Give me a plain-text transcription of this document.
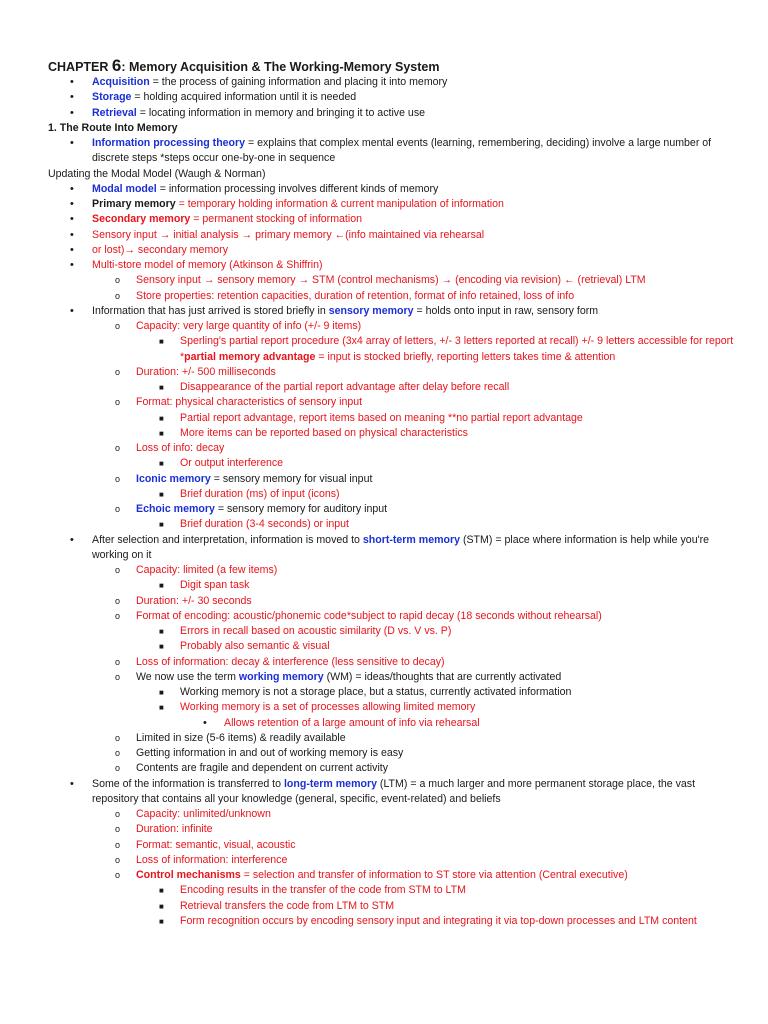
CHAPTER 6: Memory Acquisition & The Working-Memory System
• Acquisition = the process of gaining information and placing it into memory
• Storage = holding acquired information until it is needed
• Retrieval = locating information in memory and bringing it to active use
1. The Route Into Memory
• Information processing theory = explains that complex mental events (learning, remembering, deciding) involve a large number of discrete steps *steps occur one-by-one in sequence
Updating the Modal Model (Waugh & Norman)
• Modal model = information processing involves different kinds of memory
• Primary memory = temporary holding information & current manipulation of information
• Secondary memory = permanent stocking of information
• Sensory input → initial analysis → primary memory ←(info maintained via rehearsal
• or lost)→ secondary memory
• Multi-store model of memory (Atkinson & Shiffrin)
o Sensory input → sensory memory → STM (control mechanisms) → (encoding via revision) ← (retrieval) LTM
o Store properties: retention capacities, duration of retention, format of info retained, loss of info
• Information that has just arrived is stored briefly in sensory memory = holds onto input in raw, sensory form
o Capacity: very large quantity of info (+/- 9 items)
■ Sperling's partial report procedure (3x4 array of letters, +/- 3 letters reported at recall) +/- 9 letters accessible for report *partial memory advantage = input is stocked briefly, reporting letters takes time & attention
o Duration: +/- 500 milliseconds
■ Disappearance of the partial report advantage after delay before recall
o Format: physical characteristics of sensory input
■ Partial report advantage, report items based on meaning **no partial report advantage
■ More items can be reported based on physical characteristics
o Loss of info: decay
■ Or output interference
o Iconic memory = sensory memory for visual input
■ Brief duration (ms) of input (icons)
o Echoic memory = sensory memory for auditory input
■ Brief duration (3-4 seconds) or input
• After selection and interpretation, information is moved to short-term memory (STM) = place where information is help while you're working on it
o Capacity: limited (a few items)
■ Digit span task
o Duration: +/- 30 seconds
o Format of encoding: acoustic/phonemic code*subject to rapid decay (18 seconds without rehearsal)
■ Errors in recall based on acoustic similarity (D vs. V vs. P)
■ Probably also semantic & visual
o Loss of information: decay & interference (less sensitive to decay)
o We now use the term working memory (WM) = ideas/thoughts that are currently activated
■ Working memory is not a storage place, but a status, currently activated information
■ Working memory is a set of processes allowing limited memory
• Allows retention of a large amount of info via rehearsal
o Limited in size (5-6 items) & readily available
o Getting information in and out of working memory is easy
o Contents are fragile and dependent on current activity
• Some of the information is transferred to long-term memory (LTM) = a much larger and more permanent storage place, the vast repository that contains all your knowledge (general, specific, event-related) and beliefs
o Capacity: unlimited/unknown
o Duration: infinite
o Format: semantic, visual, acoustic
o Loss of information: interference
o Control mechanisms = selection and transfer of information to ST store via attention (Central executive)
■ Encoding results in the transfer of the code from STM to LTM
■ Retrieval transfers the code from LTM to STM
■ Form recognition occurs by encoding sensory input and integrating it via top-down processes and LTM content
